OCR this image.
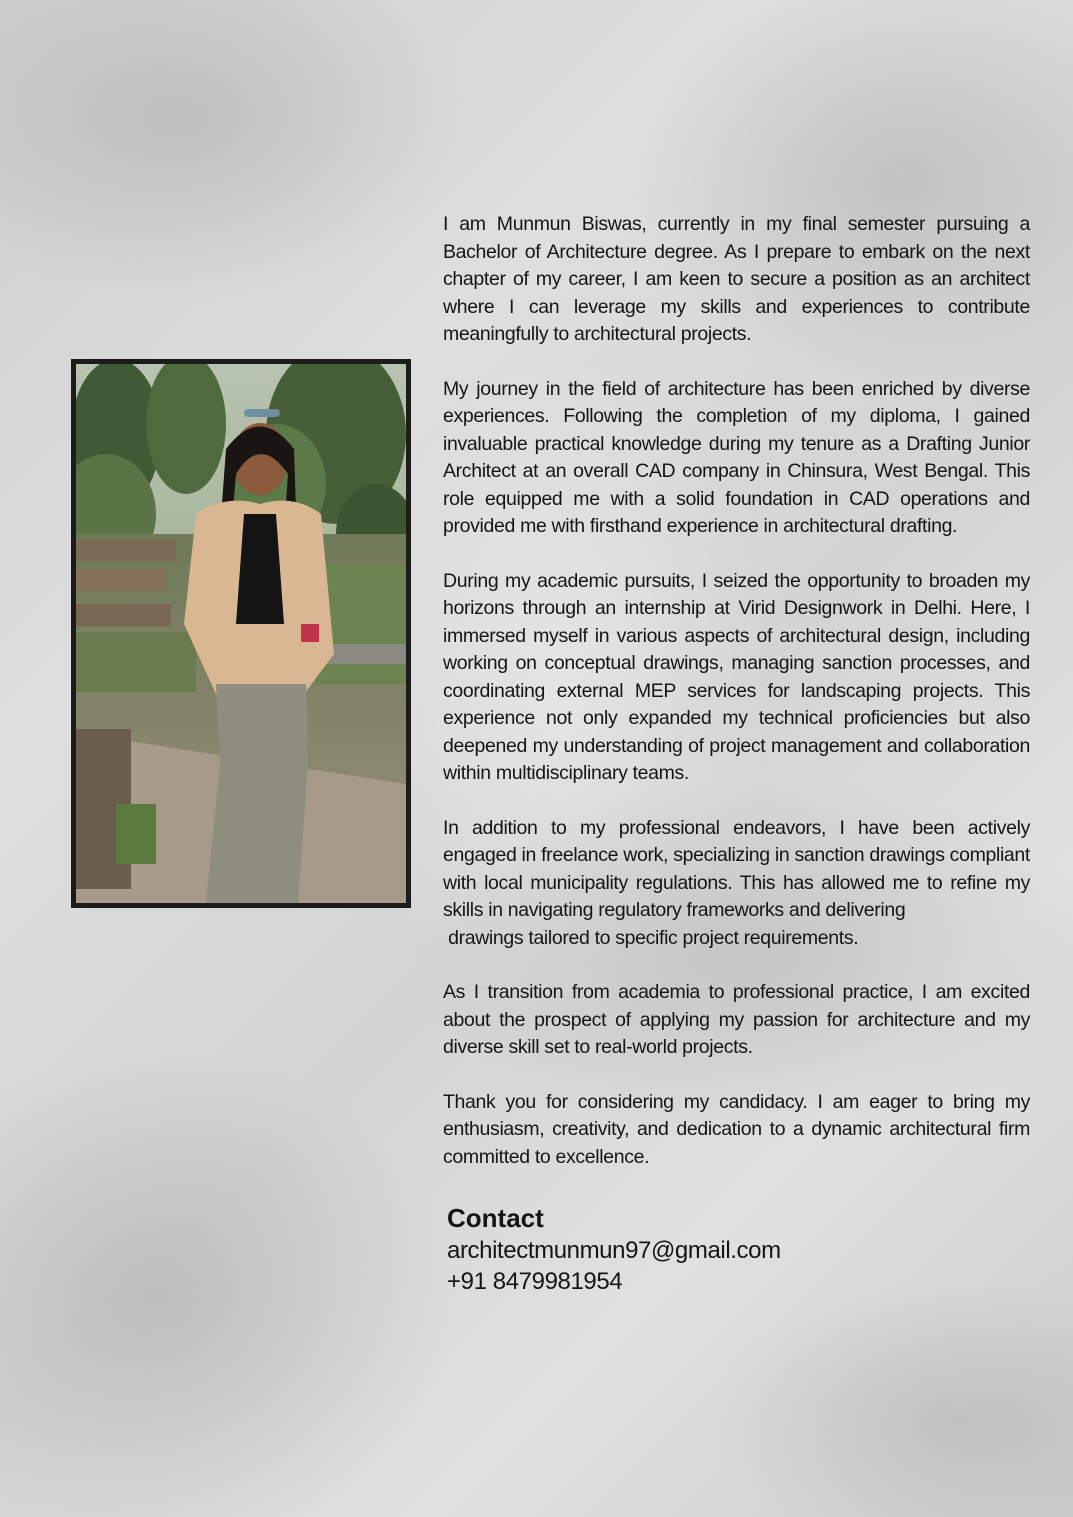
I am Munmun Biswas, currently in my final semester pursuing a Bachelor of Architecture degree. As I prepare to embark on the next chapter of my career, I am keen to secure a position as an architect where I can leverage my skills and experiences to contribute meaningfully to architectural projects.

My journey in the field of architecture has been enriched by diverse experiences. Following the completion of my diploma, I gained invaluable practical knowledge during my tenure as a Drafting Junior Architect at an overall CAD company in Chinsura, West Bengal. This role equipped me with a solid foundation in CAD operations and provided me with firsthand experience in architectural drafting.

During my academic pursuits, I seized the opportunity to broaden my horizons through an internship at Virid Designwork in Delhi. Here, I immersed myself in various aspects of architectural design, including working on conceptual drawings, managing sanction processes, and coordinating external MEP services for landscaping projects. This experience not only expanded my technical proficiencies but also deepened my understanding of project management and collaboration within multidisciplinary teams.

In addition to my professional endeavors, I have been actively engaged in freelance work, specializing in sanction drawings compliant with local municipality regulations. This has allowed me to refine my skills in navigating regulatory frameworks and delivering

drawings tailored to specific project requirements.

As I transition from academia to professional practice, I am excited about the prospect of applying my passion for architecture and my diverse skill set to real-world projects.

Thank you for considering my candidacy. I am eager to bring my enthusiasm, creativity, and dedication to a dynamic architectural firm committed to excellence.

Contact
architectmunmun97@gmail.com
+91 8479981954
